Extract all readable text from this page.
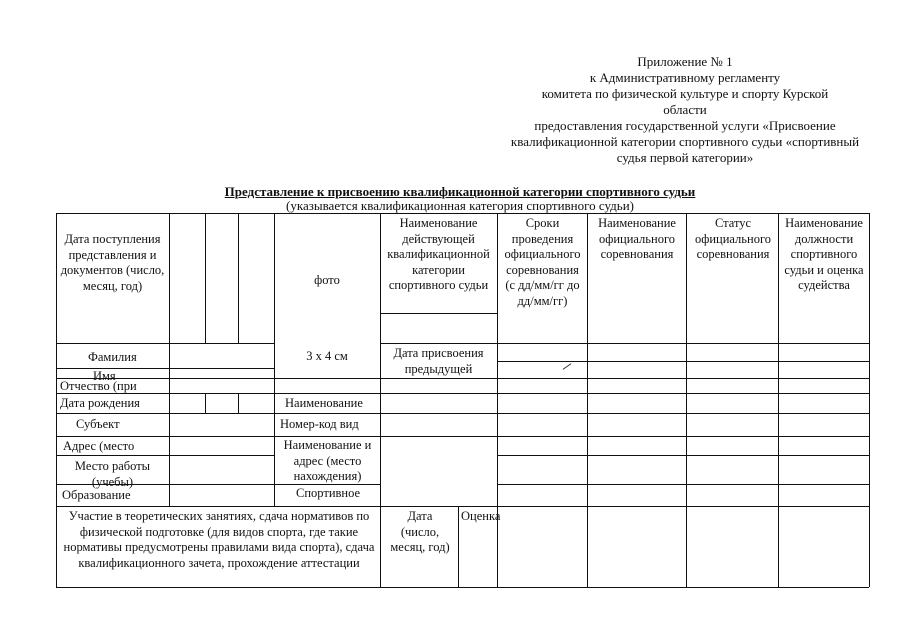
Приложение № 1
к Административному регламенту
комитета по физической культуре и спорту Курской
области
предоставления государственной услуги «Присвоение
квалификационной категории спортивного судьи «спортивный
судья первой категории»
Представление к присвоению квалификационной категории спортивного судьи
(указывается квалификационная категория спортивного судьи)
Дата поступления представления и документов (число, месяц, год)	фото
3 х 4 см
Наименование действующей квалификационной категории спортивного судьи
Дата присвоения предыдущей
Сроки проведения официального соревнования (с дд/мм/гг до дд/мм/гг)
Наименование официального соревнования
Статус официального соревнования
Наименование должности спортивного судьи и оценка судейства
Фамилия
Имя
Отчество (при
Дата рождения
Субъект
Адрес (место
Место работы (учебы)
Образование
Наименование
Номер-код вид
Наименование и адрес (место нахождения)
Спортивное
Участие в теоретических занятиях, сдача нормативов по физической подготовке (для видов спорта, где такие нормативы предусмотрены правилами вида спорта), сдача квалификационного зачета, прохождение аттестации
Дата (число, месяц, год)
Оценка
